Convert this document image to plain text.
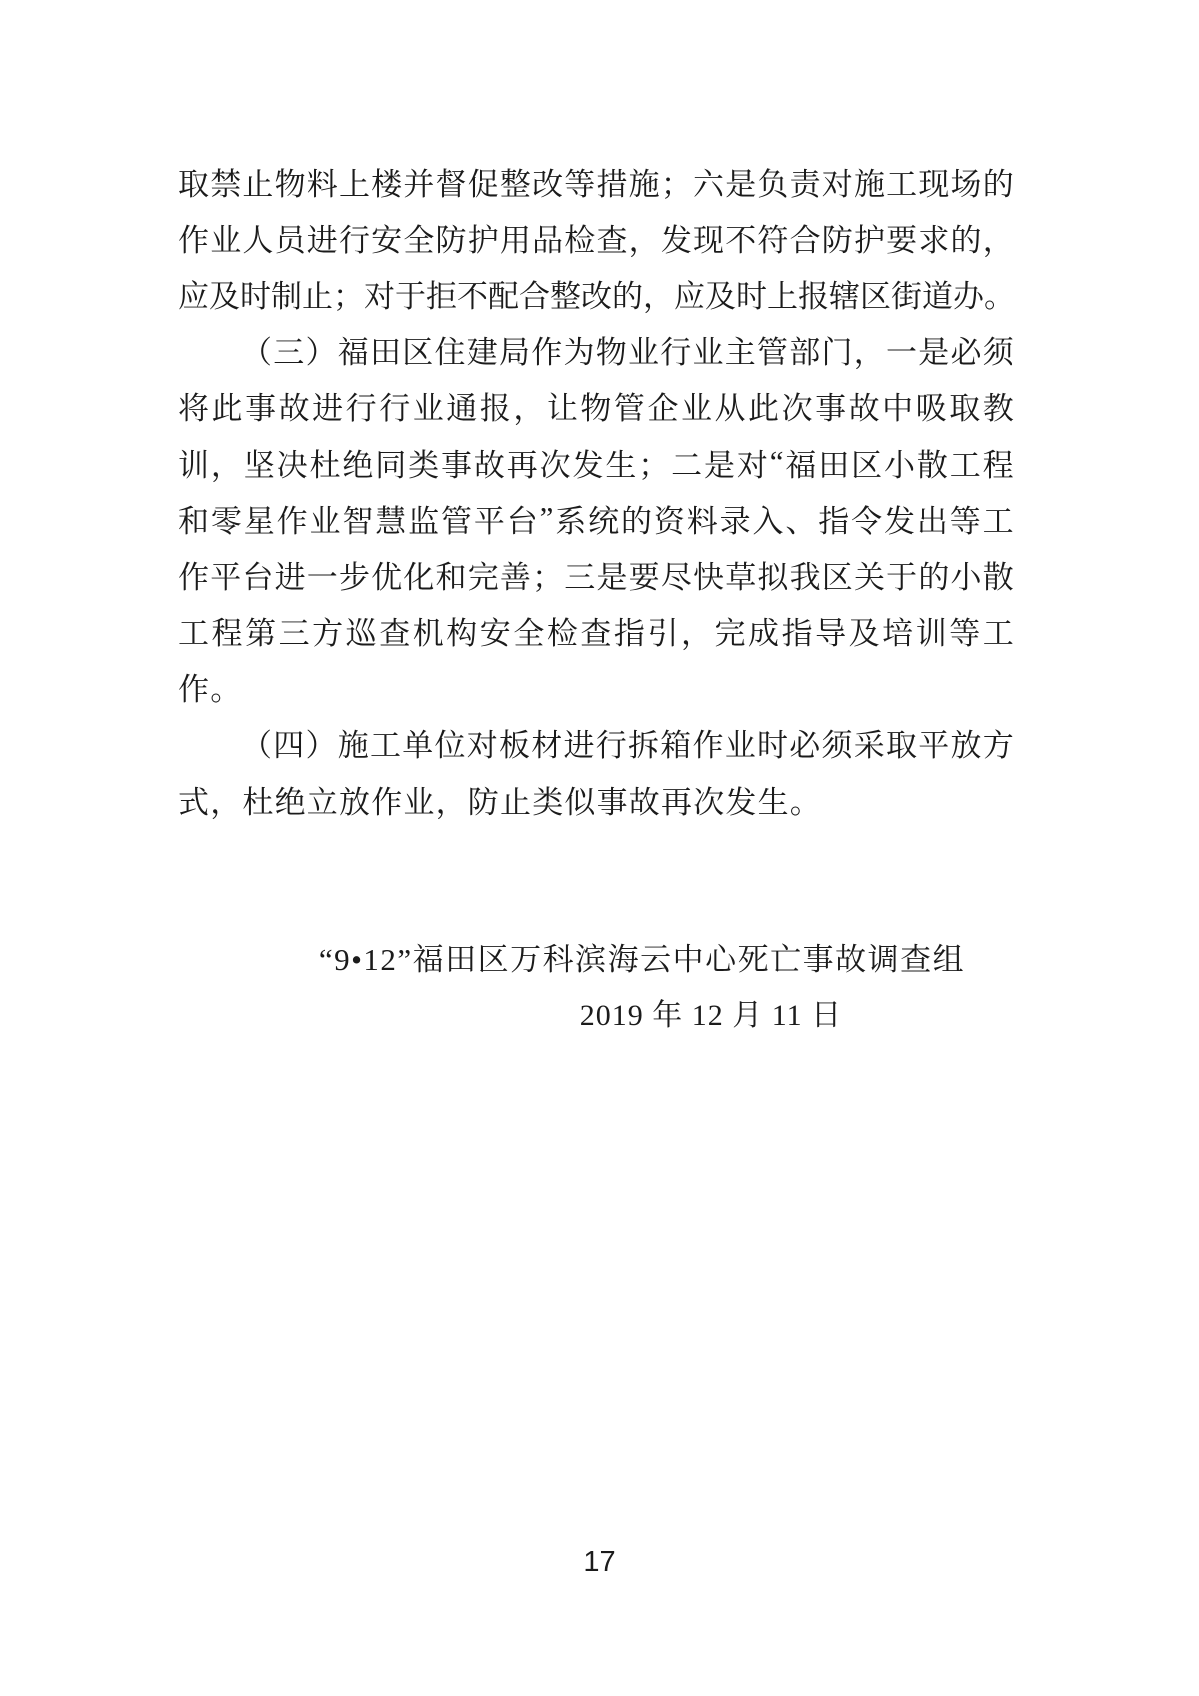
取 禁 止 物 料 上 楼 并 督 促 整 改 等 措 施 ； 六 是 负 责 对 施 工 现 场 的
作 业 人 员 进 行 安 全 防 护 用 品 检 查 ， 发 现 不 符 合 防 护 要 求 的 ，
应 及 时 制 止 ； 对 于 拒 不 配 合 整 改 的 ， 应 及 时 上 报 辖 区 街 道 办 。
（ 三 ） 福 田 区 住 建 局 作 为 物 业 行 业 主 管 部 门 ， 一 是 必 须
将 此 事 故 进 行 行 业 通 报 ， 让 物 管 企 业 从 此 次 事 故 中 吸 取 教
训 ， 坚 决 杜 绝 同 类 事 故 再 次 发 生 ； 二 是 对 “ 福 田 区 小 散 工 程
和 零 星 作 业 智 慧 监 管 平 台 ” 系 统 的 资 料 录 入 、 指 令 发 出 等 工
作 平 台 进 一 步 优 化 和 完 善 ； 三 是 要 尽 快 草 拟 我 区 关 于 的 小 散
工 程 第 三 方 巡 查 机 构 安 全 检 查 指 引 ， 完 成 指 导 及 培 训 等 工
作。
（ 四 ） 施 工 单 位 对 板 材 进 行 拆 箱 作 业 时 必 须 采 取 平 放 方
式，杜绝立放作业，防止类似事故再次发生。
“9•12”福田区万科滨海云中心死亡事故调查组
2019 年 12 月 11 日
17
